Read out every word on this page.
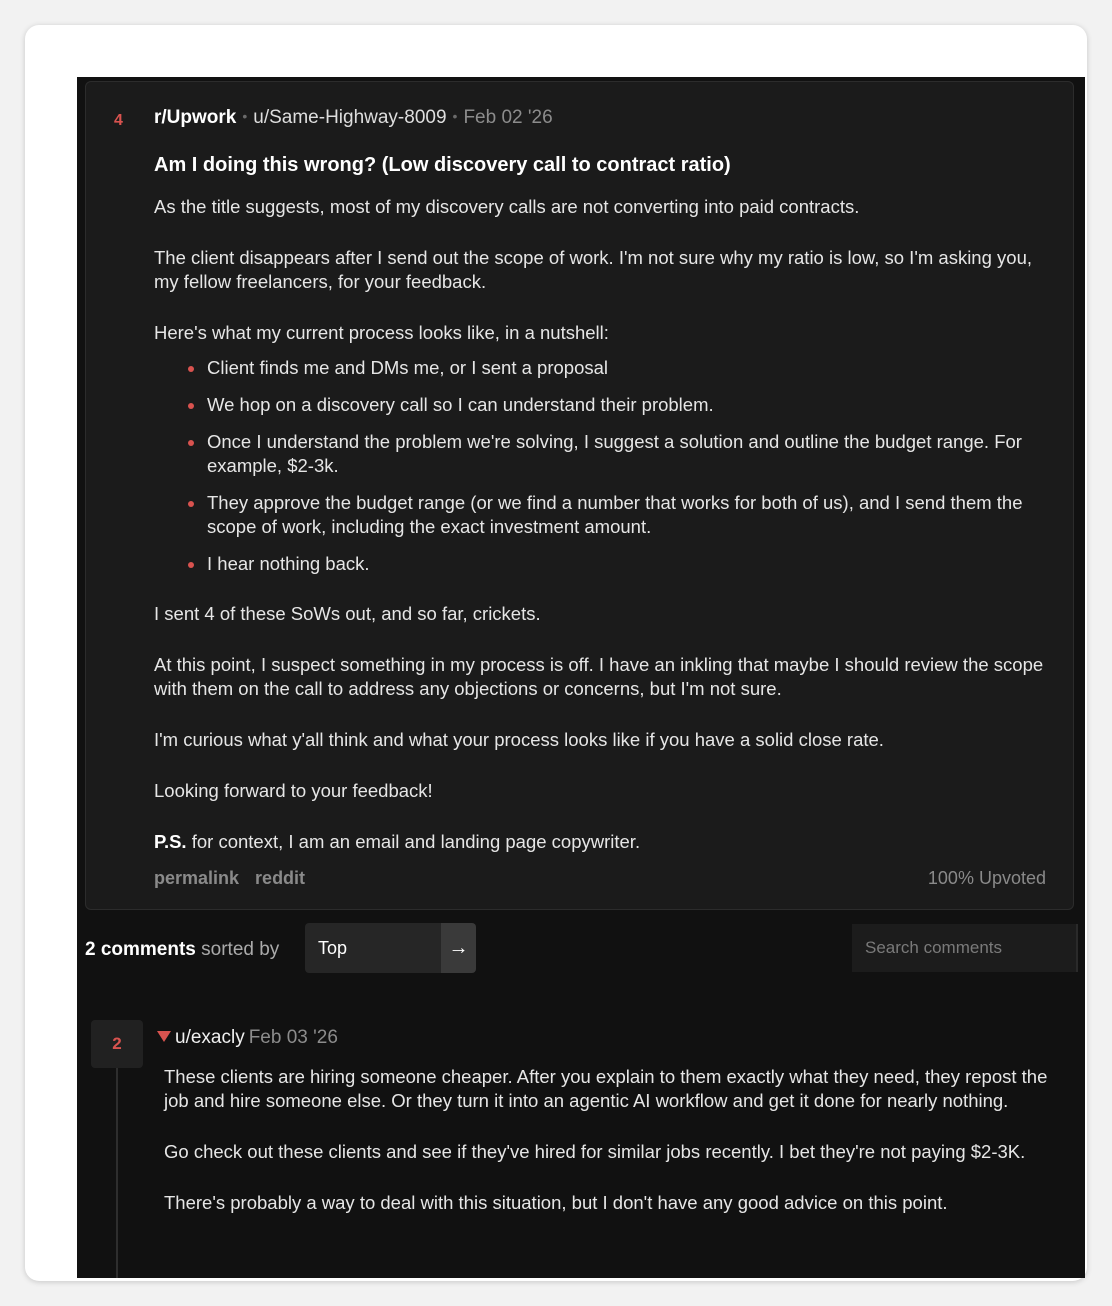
4 r/Upwork • u/Same-Highway-8009 • Feb 02 '26
Am I doing this wrong? (Low discovery call to contract ratio)

As the title suggests, most of my discovery calls are not converting into paid contracts.

The client disappears after I send out the scope of work. I'm not sure why my ratio is low, so I'm asking you, my fellow freelancers, for your feedback.

Here's what my current process looks like, in a nutshell:

Client finds me and DMs me, or I sent a proposal
We hop on a discovery call so I can understand their problem.
Once I understand the problem we're solving, I suggest a solution and outline the budget range. For example, $2-3k.
They approve the budget range (or we find a number that works for both of us), and I send them the scope of work, including the exact investment amount.
I hear nothing back.

I sent 4 of these SoWs out, and so far, crickets.

At this point, I suspect something in my process is off. I have an inkling that maybe I should review the scope with them on the call to address any objections or concerns, but I'm not sure.

I'm curious what y'all think and what your process looks like if you have a solid close rate.

Looking forward to your feedback!

P.S. for context, I am an email and landing page copywriter.

permalink reddit	100% Upvoted
2 comments sorted by Top	→
Search comments
2	u/exacly Feb 03 '26

These clients are hiring someone cheaper. After you explain to them exactly what they need, they repost the job and hire someone else. Or they turn it into an agentic AI workflow and get it done for nearly nothing.

Go check out these clients and see if they've hired for similar jobs recently. I bet they're not paying $2-3K.

There's probably a way to deal with this situation, but I don't have any good advice on this point.
